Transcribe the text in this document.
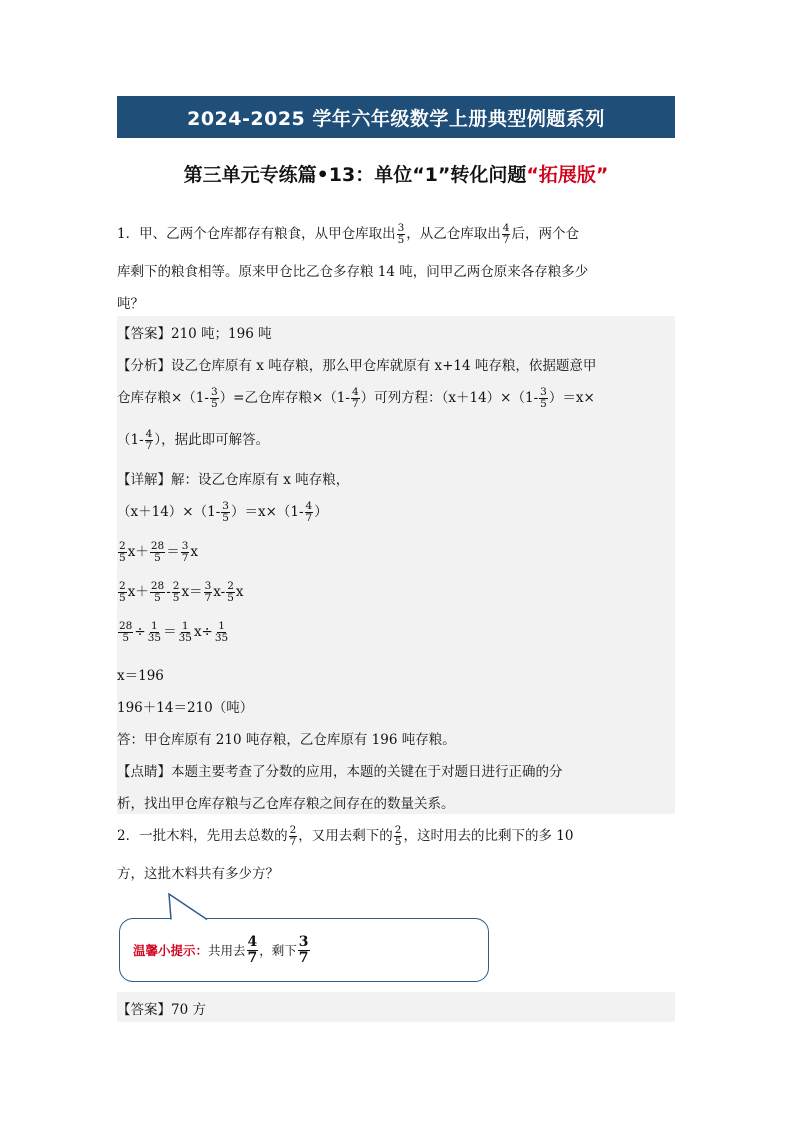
2024-2025 学年六年级数学上册典型例题系列
第三单元专练篇•13：单位“1”转化问题“拓展版”
1．甲、乙两个仓库都存有粮食，从甲仓库取出 $\frac{3}{5}$ ，从乙仓库取出 $\frac{4}{7}$ 后，两个仓
库剩下的粮食相等。原来甲仓比乙仓多存粮 14 吨，问甲乙两仓原来各存粮多少
吨？
【答案】210 吨；196 吨
【分析】设乙仓库原有 x 吨存粮，那么甲仓库就原有 x+14 吨存粮，依据题意甲
仓库存粮$\times(1- \frac{3}{5}$ ）=乙仓库存粮$\times(1- \frac{4}{7}$ ）可列方程：$(x+14)\times(1- \frac{3}{5} )=x\times$
（$1- \frac{4}{7}$ ），据此即可解答。
【详解】解：设乙仓库原有 x 吨存粮，
$(x+14)\times(1- \frac{3}{5} )=x\times(1- \frac{4}{7}$ ）
$\frac{2}{5} x+ \frac{28}{5} = \frac{3}{7}$ x
$\frac{2}{5} x+ \frac{28}{5} - \frac{2}{5} x= \frac{3}{7} x- \frac{2}{5}$ x
$\frac{28}{5} \div \frac{1}{35} = \frac{1}{35} x\div \frac{1}{35}$
x＝196
196＋14＝210（吨）
答：甲仓库原有 210 吨存粮，乙仓库原有 196 吨存粮。
【点睛】本题主要考查了分数的应用，本题的关键在于对题日进行正确的分
析，找出甲仓库存粮与乙仓库存粮之间存在的数量关系。
2．一批木料，先用去总数的 $\frac{2}{7}$ ，又用去剩下的 $\frac{2}{5}$ ，这时用去的比剩下的多 10
方，这批木料共有多少方？
温馨小提示： 共用去 $\frac{4}{7}$ ，剩下 $\frac{3}{7}$
【答案】70 方
